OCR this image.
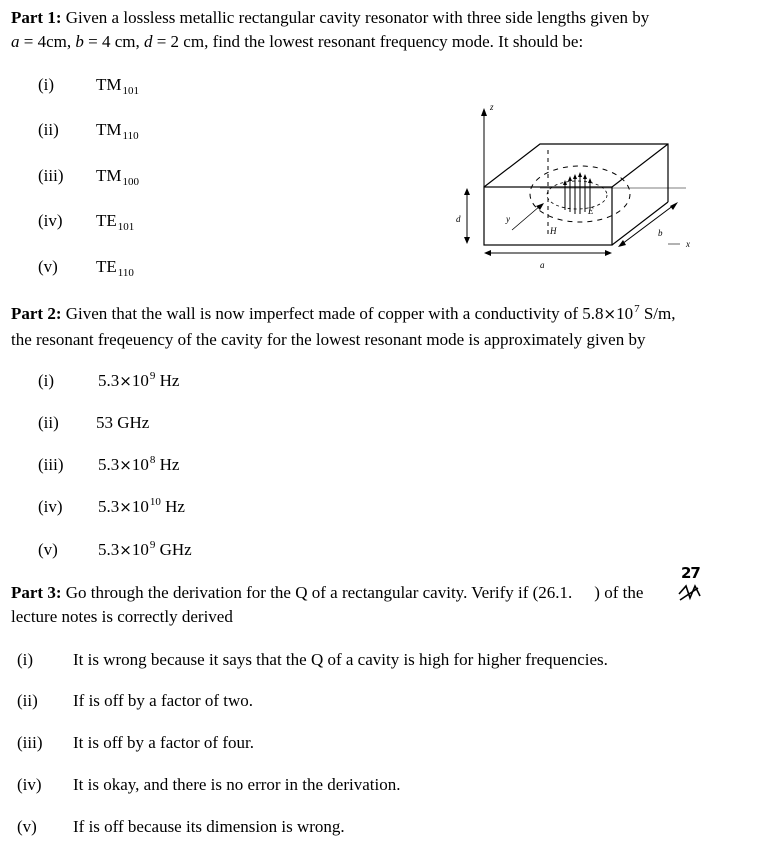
Part 1: Given a lossless metallic rectangular cavity resonator with three side lengths given by
a = 4cm, b = 4 cm, d = 2 cm, find the lowest resonant frequency mode. It should be:
(i) $TM_{101}$
(ii) $TM_{110}$
(iii) $TM_{100}$
(iv) $TE_{101}$
(v) $TE_{110}$
z
E
H
y
d
a
b
x
Part 2: Given that the wall is now imperfect made of copper with a conductivity of $5.8\times 10^7$ S/m,
the resonant freqeuency of the cavity for the lowest resonant mode is approximately given by
(i)	$5.3\times 10^9$ Hz
(ii) 53 GHz
(iii) $5.3\times 10^8$ Hz
(iv) $5.3\times 10^{10}$ Hz
(v) $5.3\times 10^9$ GHz
27
Part 3: Go through the derivation for the Q of a rectangular cavity. Verify if (26.1. ) of the
lecture notes is correctly derived
(i) It is wrong because it says that the Q of a cavity is high for higher frequencies.
(ii) If is off by a factor of two.
(iii) It is off by a factor of four.
(iv) It is okay, and there is no error in the derivation.
(v) If is off because its dimension is wrong.
